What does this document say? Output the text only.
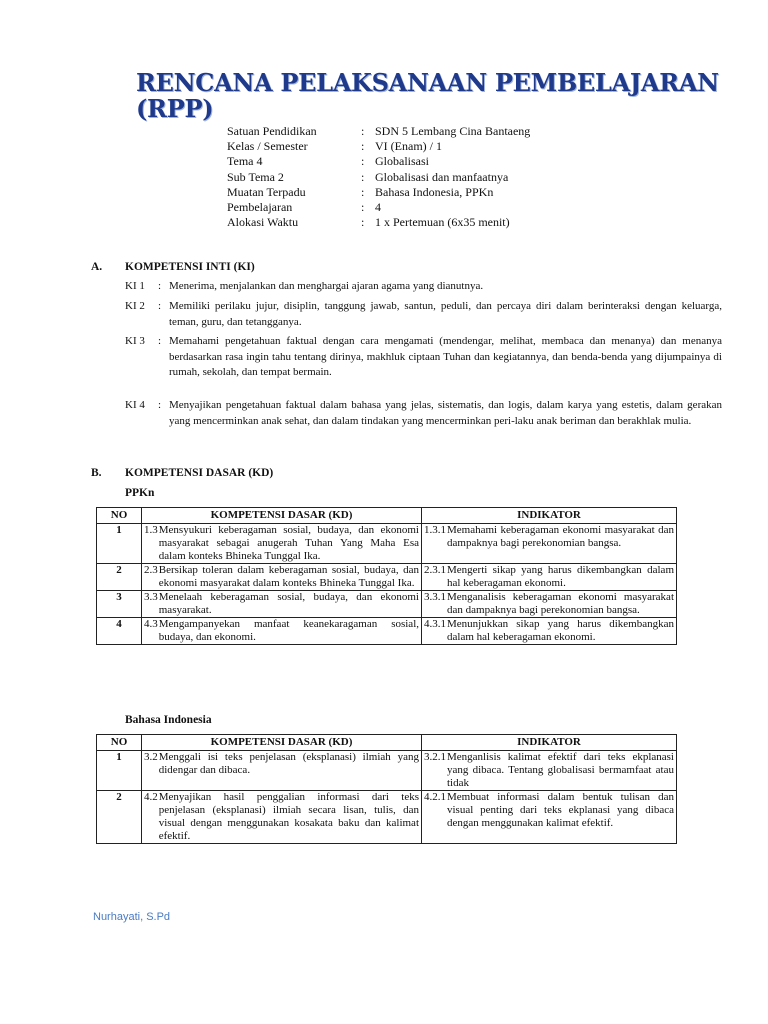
RENCANA PELAKSANAAN PEMBELAJARAN
(RPP)
Satuan Pendidikan	: SDN 5 Lembang Cina Bantaeng
Kelas / Semester	: VI (Enam) / 1
Tema 4	: Globalisasi
Sub Tema 2	: Globalisasi dan manfaatnya
Muatan Terpadu	: Bahasa Indonesia, PPKn
Pembelajaran	: 4
Alokasi Waktu	: 1 x Pertemuan (6x35 menit)
A.	KOMPETENSI INTI (KI)
KI 1	: Menerima, menjalankan dan menghargai ajaran agama yang dianutnya.
KI 2	: Memiliki perilaku jujur, disiplin, tanggung jawab, santun, peduli, dan percaya diri dalam berinteraksi dengan keluarga, teman, guru, dan tetangganya.
KI 3	: Memahami pengetahuan faktual dengan cara mengamati (mendengar, melihat, membaca dan menanya) dan menanya berdasarkan rasa ingin tahu tentang dirinya, makhluk ciptaan Tuhan dan kegiatannya, dan benda-benda yang dijumpainya di rumah, sekolah, dan tempat bermain.
KI 4	: Menyajikan pengetahuan faktual dalam bahasa yang jelas, sistematis, dan logis, dalam karya yang estetis, dalam gerakan yang mencerminkan anak sehat, dan dalam tindakan yang mencerminkan peri-laku anak beriman dan berakhlak mulia.
B.	KOMPETENSI DASAR (KD)
PPKn
NO	KOMPETENSI DASAR (KD)	INDIKATOR
1	1.3 Mensyukuri keberagaman sosial, budaya, dan ekonomi masyarakat sebagai anugerah Tuhan Yang Maha Esa dalam konteks Bhineka Tunggal Ika.	1.3.1 Memahami keberagaman ekonomi masyarakat dan dampaknya bagi perekonomian bangsa.

2	2.3 Bersikap toleran dalam keberagaman sosial, budaya, dan ekonomi masyarakat dalam konteks Bhineka Tunggal Ika.	2.3.1 Mengerti sikap yang harus dikembangkan dalam hal keberagaman ekonomi.

3	3.3 Menelaah keberagaman sosial, budaya, dan ekonomi masyarakat.	3.3.1 Menganalisis keberagaman ekonomi masyarakat dan dampaknya bagi perekonomian bangsa.

4	4.3 Mengampanyekan manfaat keanekaragaman sosial, budaya, dan ekonomi.	4.3.1 Menunjukkan sikap yang harus dikembangkan dalam hal keberagaman ekonomi.
Bahasa Indonesia
NO	KOMPETENSI DASAR (KD)	INDIKATOR
1	3.2 Menggali isi teks penjelasan (eksplanasi) ilmiah yang didengar dan dibaca.	3.2.1 Menganlisis kalimat efektif dari teks ekplanasi yang dibaca. Tentang globalisasi bermamfaat atau tidak

2	4.2 Menyajikan hasil penggalian informasi dari teks penjelasan (eksplanasi) ilmiah secara lisan, tulis, dan visual dengan menggunakan kosakata baku dan kalimat efektif.	4.2.1 Membuat informasi dalam bentuk tulisan dan visual penting dari teks ekplanasi yang dibaca dengan menggunakan kalimat efektif.
Nurhayati, S.Pd
